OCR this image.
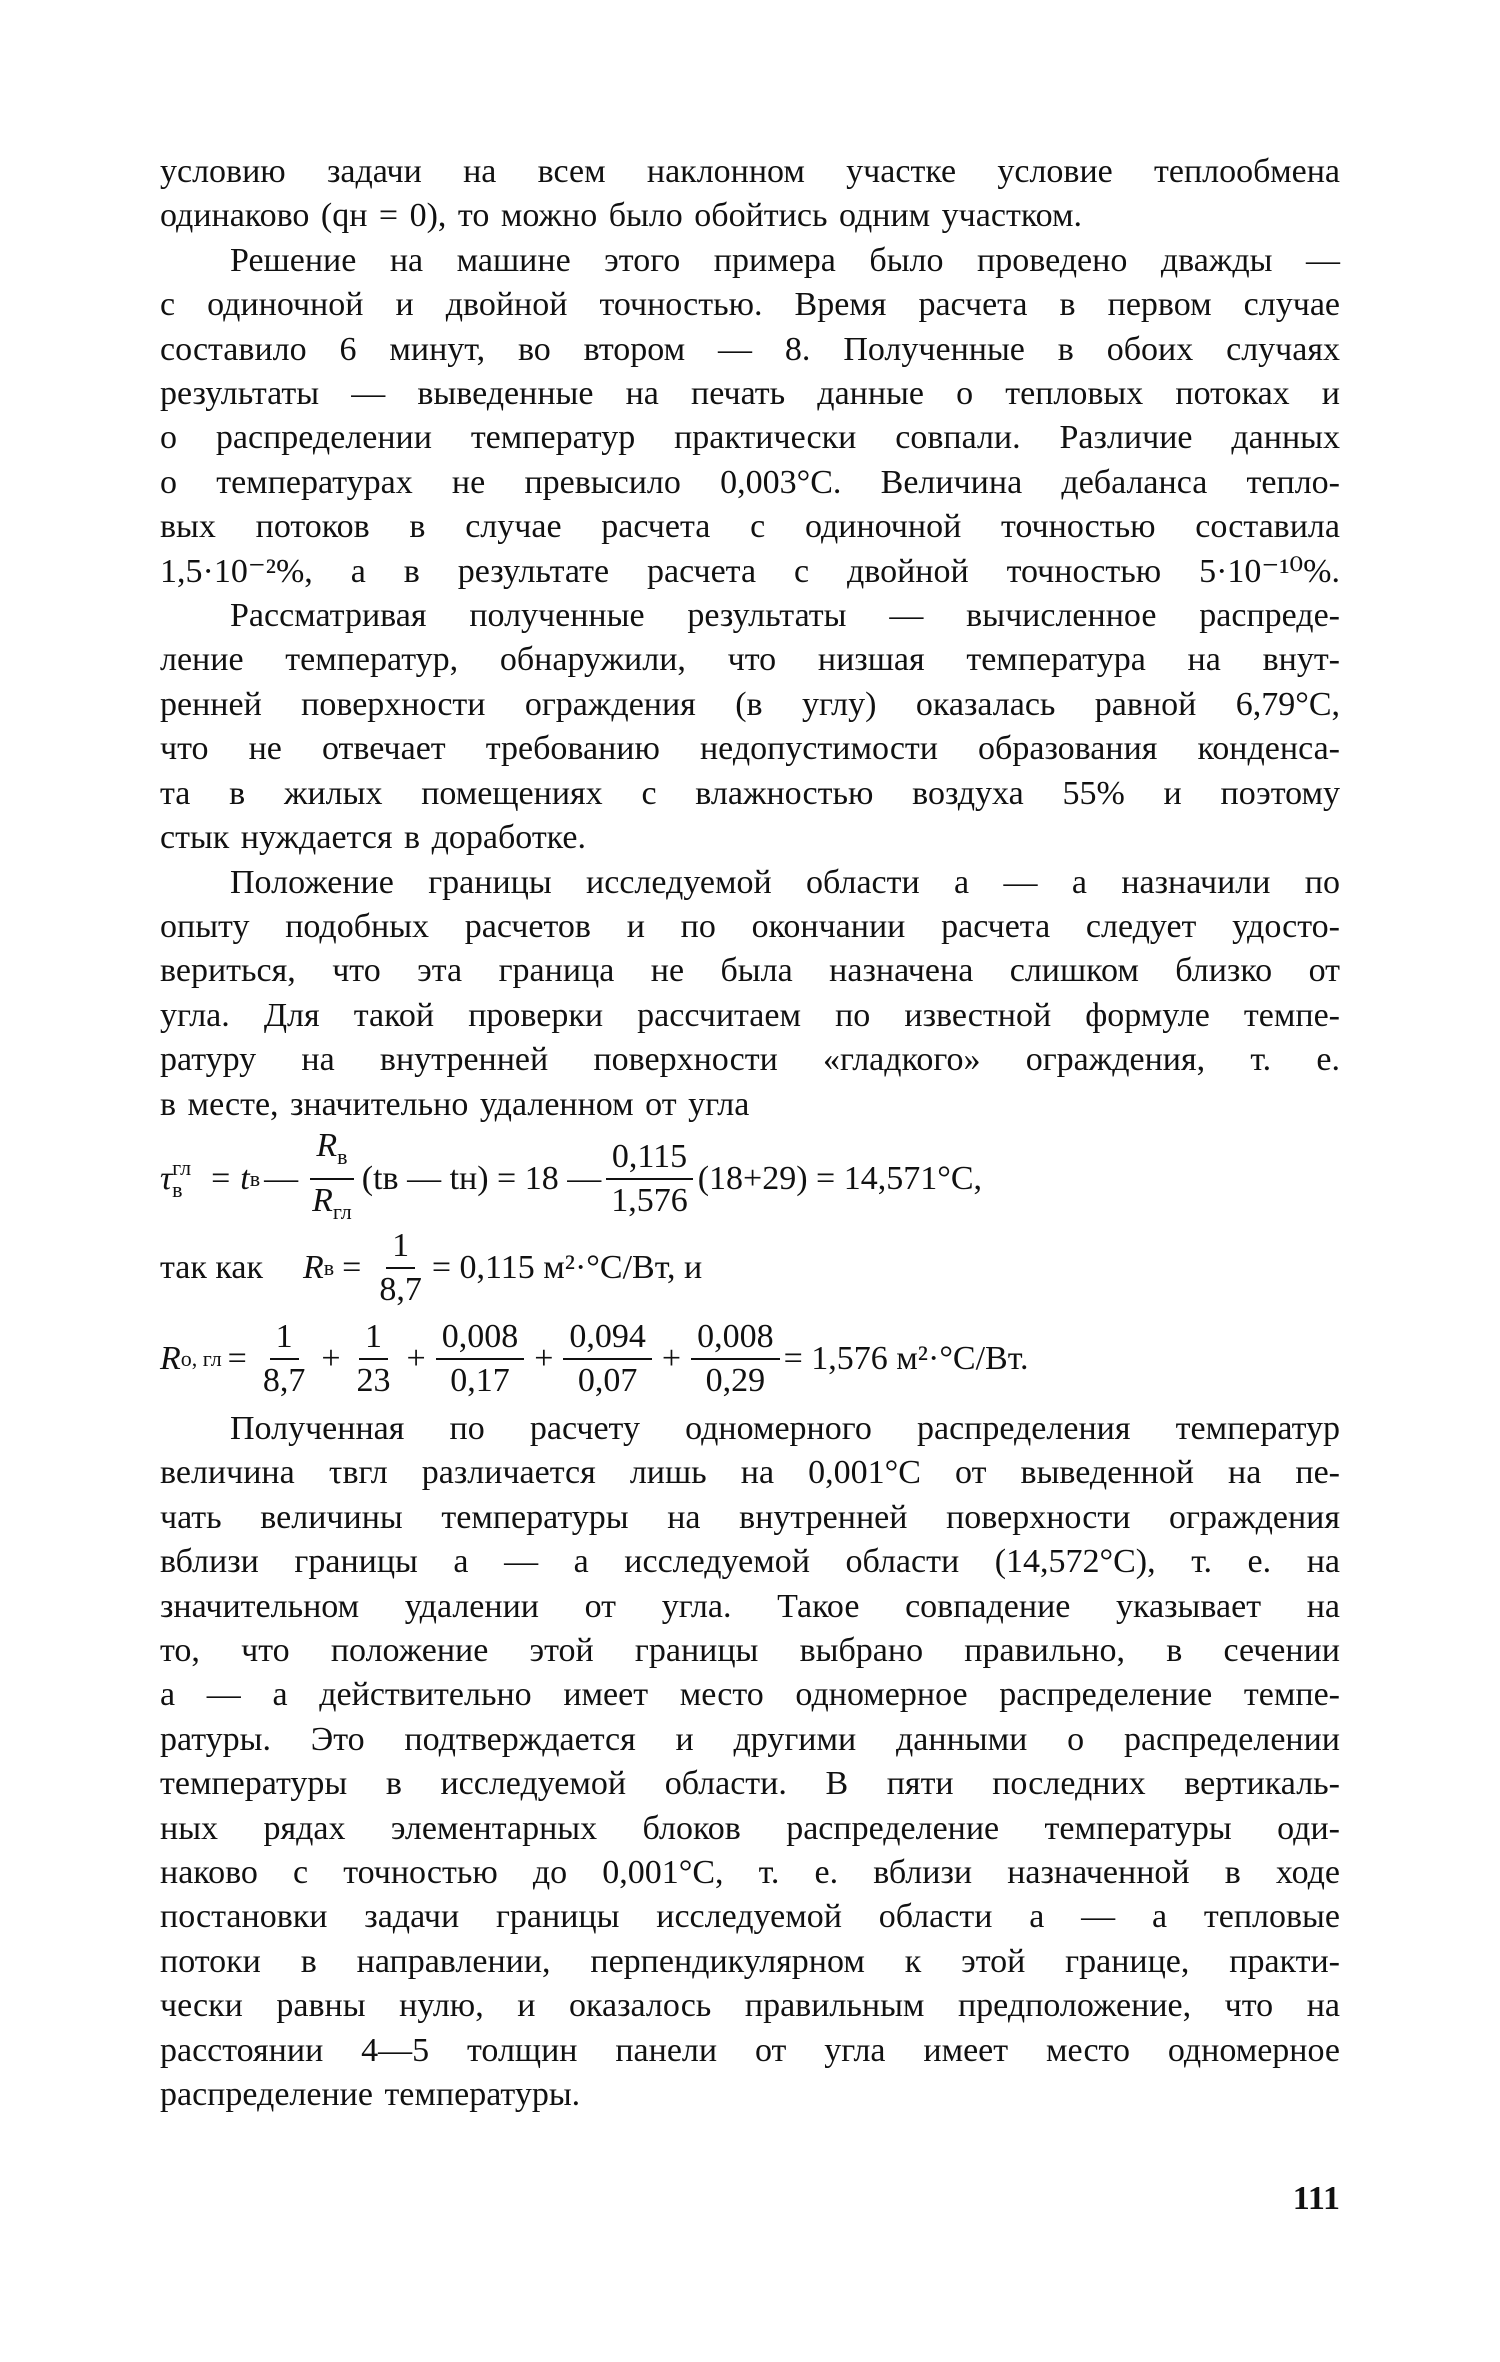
условию задачи на всем наклонном участке условие теплообмена
одинаково (qн = 0), то можно было обойтись одним участком.

Решение на машине этого примера было проведено дважды —
с одиночной и двойной точностью. Время расчета в первом случае
составило 6 минут, во втором — 8. Полученные в обоих случаях
результаты — выведенные на печать данные о тепловых потоках и
о распределении температур практически совпали. Различие данных
о температурах не превысило 0,003°С. Величина дебаланса тепло-
вых потоков в случае расчета с одиночной точностью составила
1,5·10⁻²%, а в результате расчета с двойной точностью 5·10⁻¹⁰%.

Рассматривая полученные результаты — вычисленное распреде-
ление температур, обнаружили, что низшая температура на внут-
ренней поверхности ограждения (в углу) оказалась равной 6,79°С,
что не отвечает требованию недопустимости образования конденса-
та в жилых помещениях с влажностью воздуха 55% и поэтому
стык нуждается в доработке.

Положение границы исследуемой области а — а назначили по
опыту подобных расчетов и по окончании расчета следует удосто-
вериться, что эта граница не была назначена слишком близко от
угла. Для такой проверки рассчитаем по известной формуле темпе-
ратуру на внутренней поверхности «гладкого» ограждения, т. е.
в месте, значительно удаленном от угла

τ гл
в = t в — $\frac{R_в}{R_{гл}} (tв$ — tн) = 18 — $\frac{0,115}{1,576} (18+29) = 14,571^\circ С$,
так как R $в = \frac{1}{8,7} = 0,115$ м²·°С/Вт, и
R о, гл = $\frac{1}{8,7} + \frac{1}{23} + \frac{0,008}{0,17} + \frac{0,094}{0,07} + \frac{0,008}{0,29} = 1,576$ м²·°С/Вт.

Полученная по расчету одномерного распределения температур
величина τвгл различается лишь на 0,001°С от выведенной на пе-
чать величины температуры на внутренней поверхности ограждения
вблизи границы а — а исследуемой области (14,572°С), т. е. на
значительном удалении от угла. Такое совпадение указывает на
то, что положение этой границы выбрано правильно, в сечении
а — а действительно имеет место одномерное распределение темпе-
ратуры. Это подтверждается и другими данными о распределении
температуры в исследуемой области. В пяти последних вертикаль-
ных рядах элементарных блоков распределение температуры оди-
наково с точностью до 0,001°С, т. е. вблизи назначенной в ходе
постановки задачи границы исследуемой области а — а тепловые
потоки в направлении, перпендикулярном к этой границе, практи-
чески равны нулю, и оказалось правильным предположение, что на
расстоянии 4—5 толщин панели от угла имеет место одномерное
распределение температуры.

111
